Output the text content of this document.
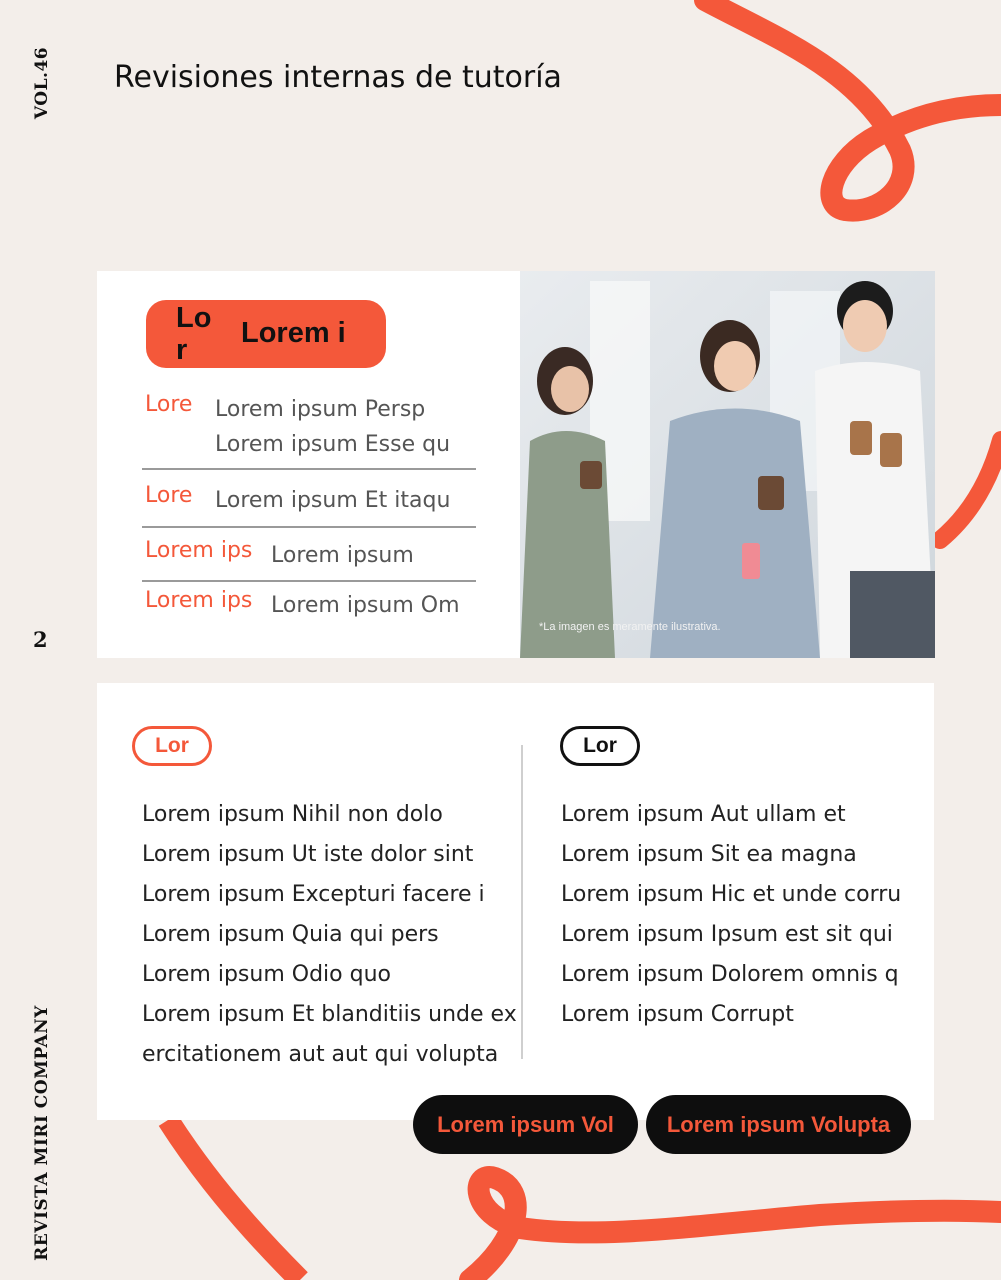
VOL.46
2
REVISTA MIRI COMPANY
Revisiones internas de tutoría
Lor
Lorem i
Lore Lorem ipsum Persp
Lorem ipsum Esse qu
Lore Lorem ipsum Et itaqu
Lorem ips Lorem ipsum
Lorem ips Lorem ipsum Om
*La imagen es meramente ilustrativa.
Lor	Lor
Lorem ipsum Nihil non dolo
Lorem ipsum Ut iste dolor sint
Lorem ipsum Excepturi facere i
Lorem ipsum Quia qui pers
Lorem ipsum Odio quo
Lorem ipsum Et blanditiis unde ex
ercitationem aut aut qui volupta
Lorem ipsum Aut ullam et
Lorem ipsum Sit ea magna
Lorem ipsum Hic et unde corru
Lorem ipsum Ipsum est sit qui
Lorem ipsum Dolorem omnis q
Lorem ipsum Corrupt
Lorem ipsum Vol	Lorem ipsum Volupta
